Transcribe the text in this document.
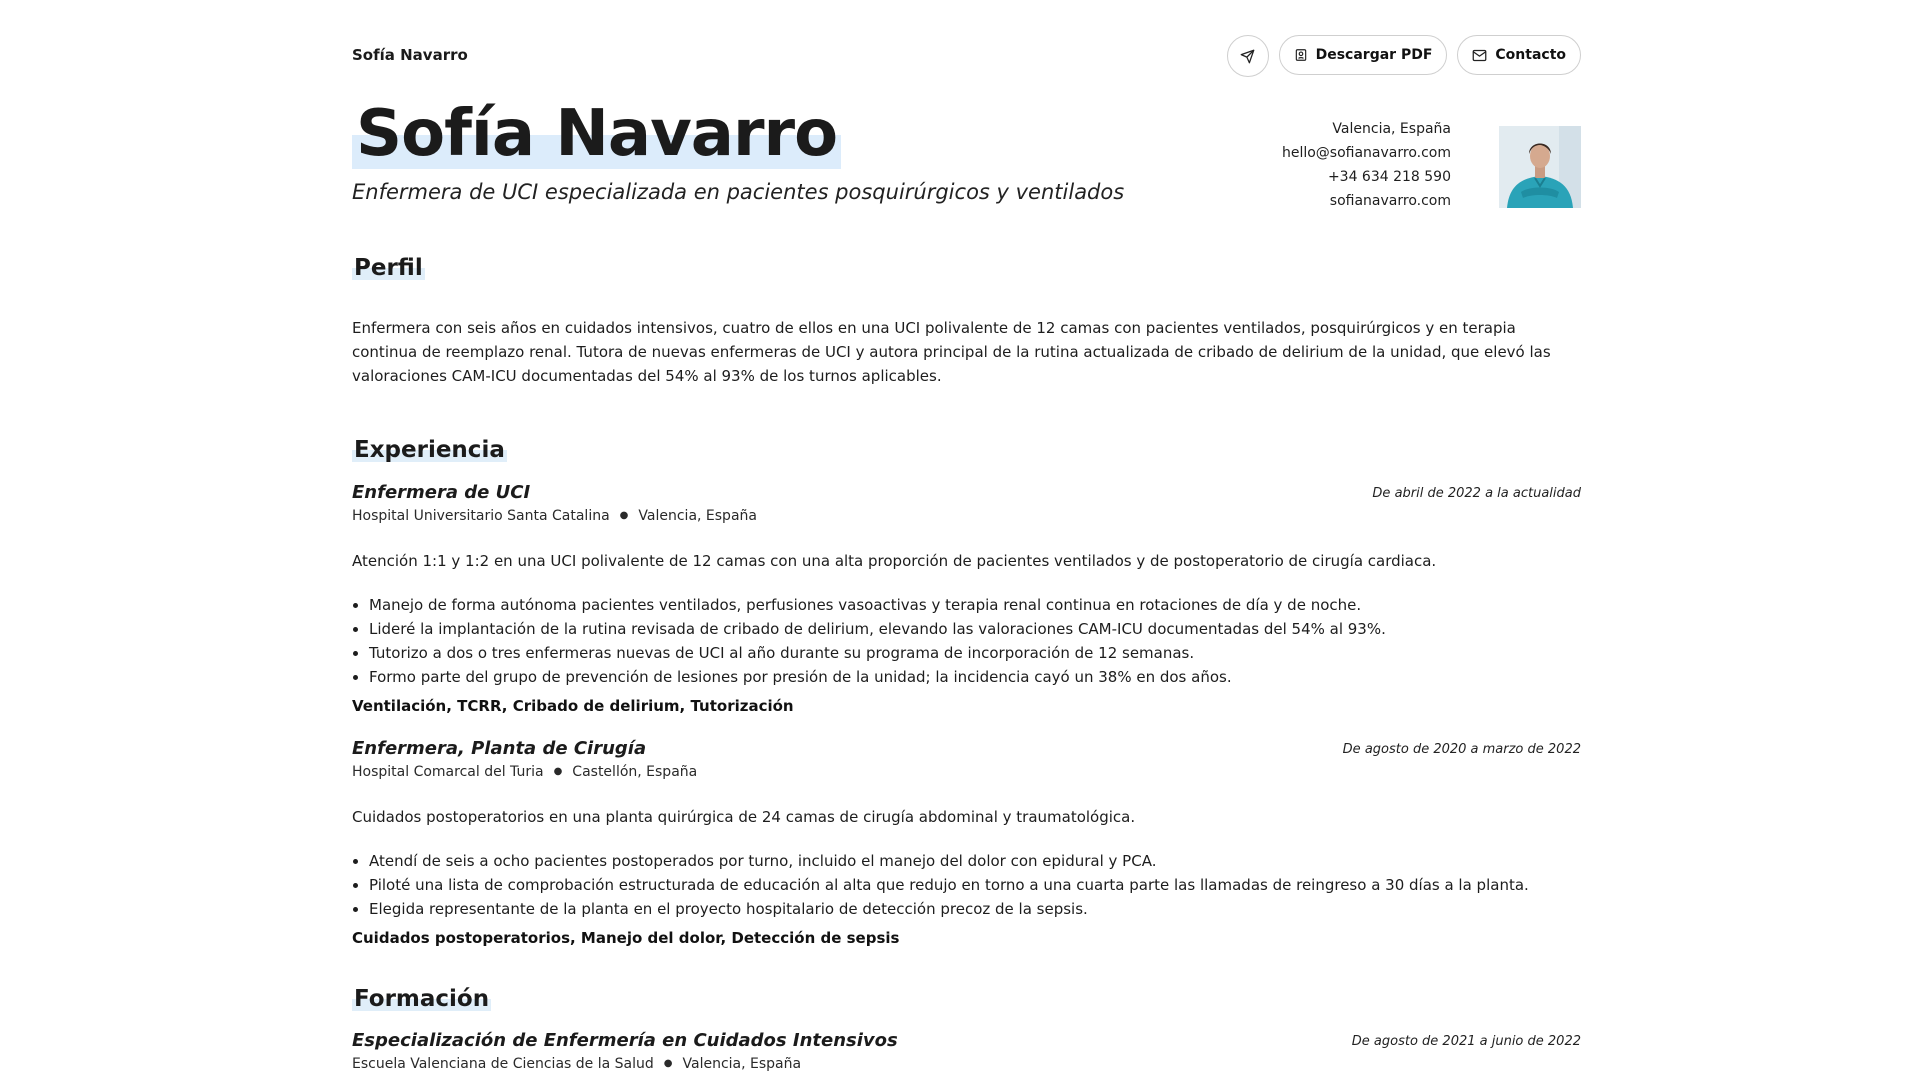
Sofía Navarro	Descargar PDF	Contacto
Sofía Navarro
Enfermera de UCI especializada en pacientes posquirúrgicos y ventilados
Valencia, España
hello@sofianavarro.com
+34 634 218 590
sofianavarro.com
Perfil
Enfermera con seis años en cuidados intensivos, cuatro de ellos en una UCI polivalente de 12 camas con pacientes ventilados, posquirúrgicos y en terapia continua de reemplazo renal. Tutora de nuevas enfermeras de UCI y autora principal de la rutina actualizada de cribado de delirium de la unidad, que elevó las valoraciones CAM-ICU documentadas del 54% al 93% de los turnos aplicables.
Experiencia
Enfermera de UCI	De abril de 2022 a la actualidad
Hospital Universitario Santa Catalina ● Valencia, España
Atención 1:1 y 1:2 en una UCI polivalente de 12 camas con una alta proporción de pacientes ventilados y de postoperatorio de cirugía cardiaca.
• Manejo de forma autónoma pacientes ventilados, perfusiones vasoactivas y terapia renal continua en rotaciones de día y de noche.
• Lideré la implantación de la rutina revisada de cribado de delirium, elevando las valoraciones CAM-ICU documentadas del 54% al 93%.
• Tutorizo a dos o tres enfermeras nuevas de UCI al año durante su programa de incorporación de 12 semanas.
• Formo parte del grupo de prevención de lesiones por presión de la unidad; la incidencia cayó un 38% en dos años.
Ventilación, TCRR, Cribado de delirium, Tutorización
Enfermera, Planta de Cirugía	De agosto de 2020 a marzo de 2022
Hospital Comarcal del Turia ● Castellón, España
Cuidados postoperatorios en una planta quirúrgica de 24 camas de cirugía abdominal y traumatológica.
• Atendí de seis a ocho pacientes postoperados por turno, incluido el manejo del dolor con epidural y PCA.
• Piloté una lista de comprobación estructurada de educación al alta que redujo en torno a una cuarta parte las llamadas de reingreso a 30 días a la planta.
• Elegida representante de la planta en el proyecto hospitalario de detección precoz de la sepsis.
Cuidados postoperatorios, Manejo del dolor, Detección de sepsis
Formación
Especialización de Enfermería en Cuidados Intensivos	De agosto de 2021 a junio de 2022
Escuela Valenciana de Ciencias de la Salud ● Valencia, España
